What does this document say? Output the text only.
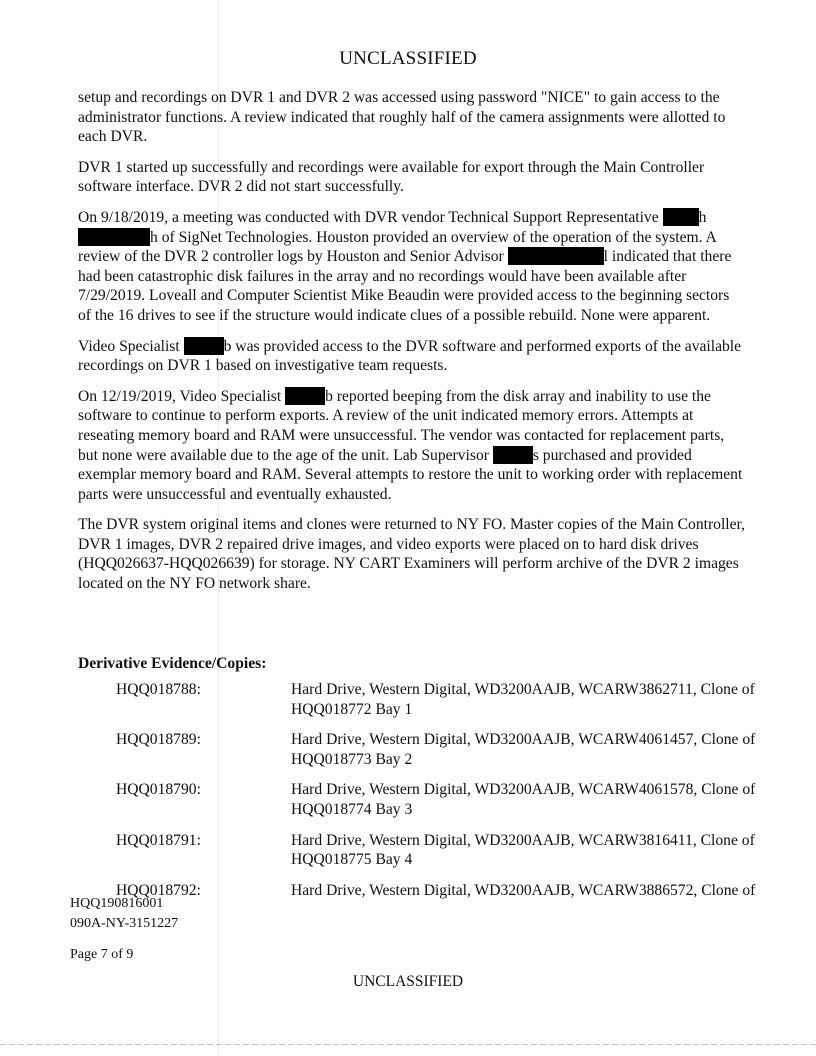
UNCLASSIFIED

setup and recordings on DVR 1 and DVR 2 was accessed using password "NICE" to gain access to the administrator functions. A review indicated that roughly half of the camera assignments were allotted to each DVR.

DVR 1 started up successfully and recordings were available for export through the Main Controller software interface. DVR 2 did not start successfully.

On 9/18/2019, a meeting was conducted with DVR vendor Technical Support Representative h
h of SigNet Technologies. Houston provided an overview of the operation of the system. A review of the DVR 2 controller logs by Houston and Senior Advisor	l indicated that there had been catastrophic disk failures in the array and no recordings would have been available after 7/29/2019. Loveall and Computer Scientist Mike Beaudin were provided access to the beginning sectors of the 16 drives to see if the structure would indicate clues of a possible rebuild. None were apparent.

Video Specialist	b was provided access to the DVR software and performed exports of the available recordings on DVR 1 based on investigative team requests.

On 12/19/2019, Video Specialist	b reported beeping from the disk array and inability to use the software to continue to perform exports. A review of the unit indicated memory errors. Attempts at reseating memory board and RAM were unsuccessful. The vendor was contacted for replacement parts, but none were available due to the age of the unit. Lab Supervisor	s purchased and provided exemplar memory board and RAM. Several attempts to restore the unit to working order with replacement parts were unsuccessful and eventually exhausted.

The DVR system original items and clones were returned to NY FO. Master copies of the Main Controller, DVR 1 images, DVR 2 repaired drive images, and video exports were placed on to hard disk drives (HQQ026637-HQQ026639) for storage. NY CART Examiners will perform archive of the DVR 2 images located on the NY FO network share.

Derivative Evidence/Copies:
HQQ018788:	Hard Drive, Western Digital, WD3200AAJB, WCARW3862711, Clone of HQQ018772 Bay 1
HQQ018789:	Hard Drive, Western Digital, WD3200AAJB, WCARW4061457, Clone of HQQ018773 Bay 2
HQQ018790:	Hard Drive, Western Digital, WD3200AAJB, WCARW4061578, Clone of HQQ018774 Bay 3
HQQ018791:	Hard Drive, Western Digital, WD3200AAJB, WCARW3816411, Clone of HQQ018775 Bay 4
HQQ018792:	Hard Drive, Western Digital, WD3200AAJB, WCARW3886572, Clone of
HQQ190816001
090A-NY-3151227
Page 7 of 9
UNCLASSIFIED
